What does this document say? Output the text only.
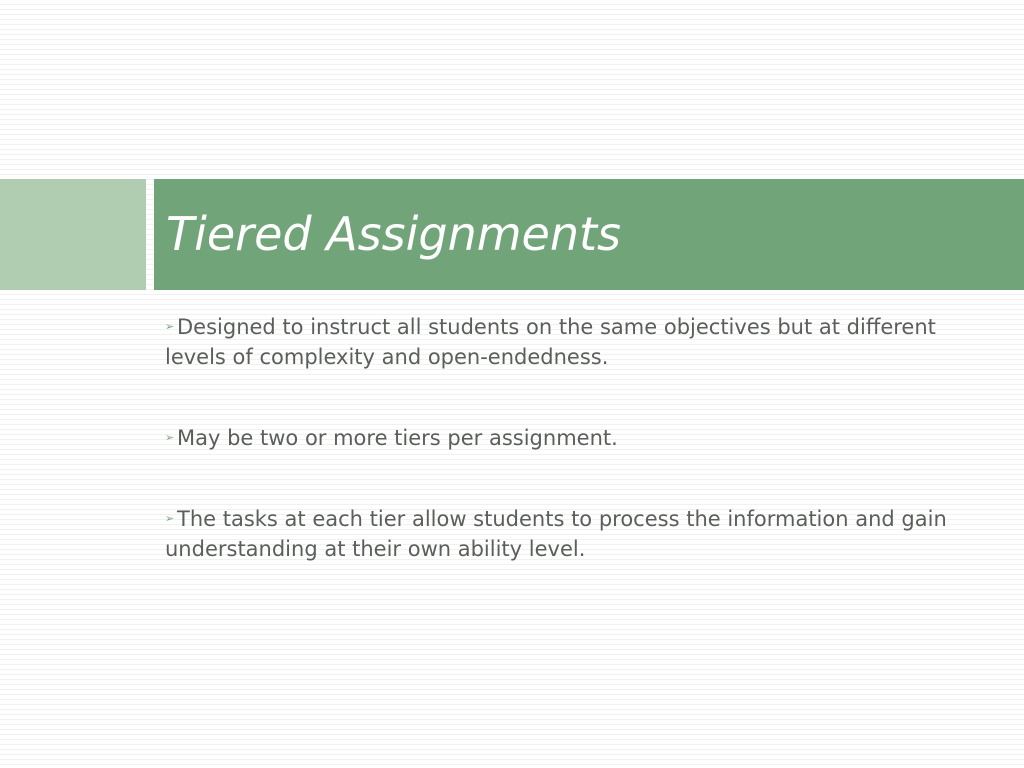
Tiered Assignments
➢ Designed to instruct all students on the same objectives but at different levels of complexity and open-endedness.
➢ May be two or more tiers per assignment.
➢ The tasks at each tier allow students to process the information and gain understanding at their own ability level.
